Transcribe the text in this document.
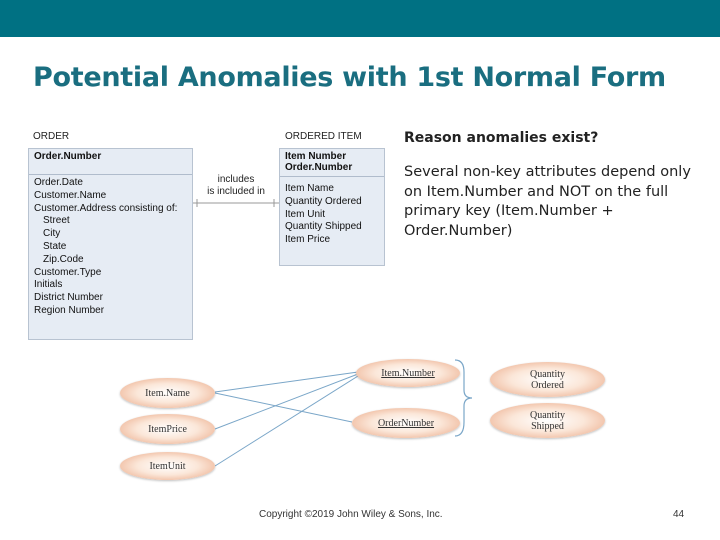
Potential Anomalies with 1st Normal Form
ORDER
Order.Number
Order.Date
Customer.Name
Customer.Address consisting of:
Street
City
State
Zip.Code
Customer.Type
Initials
District Number
Region Number
ORDERED ITEM
Item Number
Order.Number
Item Name
Quantity Ordered
Item Unit
Quantity Shipped
Item Price
includes
is included in
Reason anomalies exist?
Several non-key attributes depend only on Item.Number and NOT on the full primary key (Item.Number + Order.Number)
Item.Name
ItemPrice
ItemUnit
Item.Number
OrderNumber
Quantity Ordered
Quantity Shipped
Copyright ©2019 John Wiley & Sons, Inc.	44
